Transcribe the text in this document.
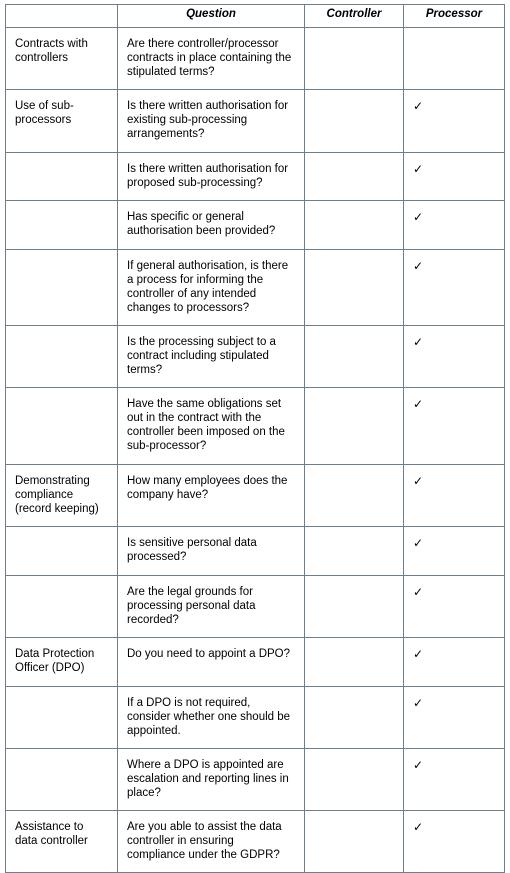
	Question	Controller	Processor
Contracts with controllers	Are there controller/processor contracts in place containing the stipulated terms?		
Use of sub-processors	Is there written authorisation for existing sub-processing arrangements?		✓
	Is there written authorisation for proposed sub-processing?		✓
	Has specific or general authorisation been provided?		✓
	If general authorisation, is there a process for informing the controller of any intended changes to processors?		✓
	Is the processing subject to a contract including stipulated terms?		✓
	Have the same obligations set out in the contract with the controller been imposed on the sub-processor?		✓
Demonstrating compliance (record keeping)	How many employees does the company have?		✓
	Is sensitive personal data processed?		✓
	Are the legal grounds for processing personal data recorded?		✓
Data Protection Officer (DPO)	Do you need to appoint a DPO?		✓
	If a DPO is not required, consider whether one should be appointed.		✓
	Where a DPO is appointed are escalation and reporting lines in place?		✓
Assistance to data controller	Are you able to assist the data controller in ensuring compliance under the GDPR?		✓
